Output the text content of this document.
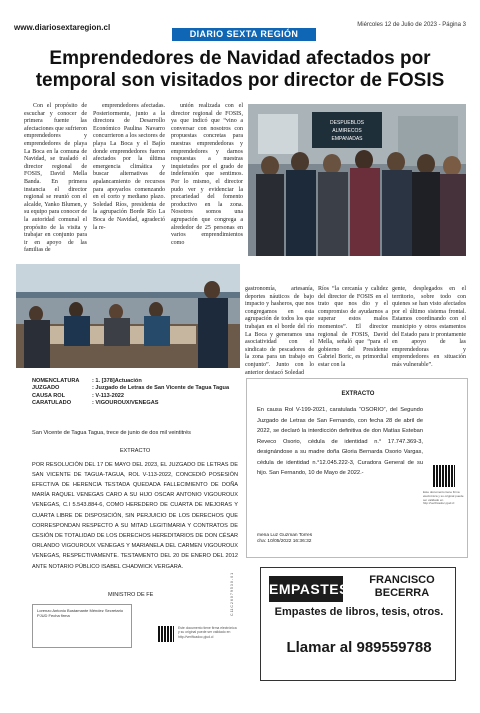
www.diariosextaregion.cl
DIARIO SEXTA REGIÓN
Miércoles 12 de Julio de 2023 - Página 3
Emprendedores de Navidad afectados por temporal son visitados por director de FOSIS

Con el propósito de escuchar y conocer de primera fuente las afectaciones que sufrieron emprendedores y emprendedores de playa La Boca en la comuna de Navidad, se trasladó el director regional de FOSIS, David Mella Banda. En primera instancia el director regional se reunió con el alcalde, Yanko Blumen, y su equipo para conocer de la autoridad comunal el propósito de la visita y trabajar en conjunto para ir en apoyo de las familias de

emprendedores afectadas. Posteriormente, junto a la directora de Desarrollo Económico Paulina Navarro concurrieron a los sectores de playa La Boca y el Bajío donde emprendedores fueron afectados por la última emergencia climática y buscar alternativas de apalancamiento de recursos para apoyarlos comenzando en el corto y mediano plazo. Soledad Ríos, presidenta de la agrupación Borde Río La Boca de Navidad, agradeció la re-

unión realizada con el director regional de FOSIS, ya que indicó que “vino a conversar con nosotros con propuestas concretas para nuestras emprendedoras y emprendedores y darnos respuestas a nuestras inquietudes por el grado de indefensión que sentimos. Por lo mismo, el director pudo ver y evidenciar la precariedad del fomento productivo en la zona. Nosotros somos una agrupación que congrega a alrededor de 25 personas en varios emprendimientos como

DESPUEBLOS
ALMIRECOS
EMPANADAS

gastronomía, artesanía, deportes náuticos de bajo impacto y hasheros, que nos congregamos en esta agrupación de todos los que trabajan en el borde del río La Boca y generamos una asociatividad con el sindicato de pescadores de la zona para un trabajo en conjunto”. Junto con lo anterior destacó Soledad

Ríos “la cercanía y calidez del director de FOSIS en el trato que nos dio y el compromiso de ayudarnos a superar estos malos momentos”. El director regional de FOSIS, David Mella, señaló que “para el gobierno del Presidente Gabriel Boric, es primordial estar con la

gente, desplegados en el territorio, sobre todo con quienes se han visto afectados por el último sistema frontal. Estamos coordinando con el municipio y otros estamentos del Estado para ir prontamente en apoyo de las emprendedoras y emprendedores en situación más vulnerable”.

NOMENCLATURA	: 1. [378]Actuación
JUZGADO	: Juzgado de Letras de San Vicente de Tagua Tagua
CAUSA ROL	: V-113-2022
CARATULADO	: VIGOUROUX/VENEGAS
San Vicente de Tagua Tagua, trece de junio de dos mil veintitrés
EXTRACTO
POR RESOLUCIÓN DEL 17 DE MAYO DEL 2023, EL JUZGADO DE LETRAS DE SAN VICENTE DE TAGUA-TAGUA, ROL V-113-2022, CONCEDIÓ POSESIÓN EFECTIVA DE HERENCIA TESTADA QUEDADA FALLECIMIENTO DE DOÑA MARÍA RAQUEL VENEGAS CARO A SU HIJO OSCAR ANTONIO VIGOUROUX VENEGAS, C.I 5.543.884-6, COMO HEREDERO DE CUARTA DE MEJORAS Y CUARTA LIBRE DE DISPOSICIÓN, SIN PERJUICIO DE LOS DERECHOS QUE CORRESPONDAN RESPECTO A SU MITAD LEGITIMARIA Y CONTRATOS DE CESIÓN DE TOTALIDAD DE LOS DERECHOS HEREDITARIOS DE DON CÉSAR ORLANDO VIGOUROUX VENEGAS Y MARIANELA DEL CARMEN VIGOUROUX VENEGAS, RESPECTIVAMENTE. TESTAMENTO DEL 20 DE ENERO DEL 2012 ANTE NOTARIO PÚBLICO ISABEL CHADWICK VERGARA.
MINISTRO DE FE
Lorenzo Antonio Bustamante Méndez Secretario PJUD Fecha firma
Este documento tiene firma electrónica y su original puede ser validado en http://verificadoc.pjud.cl
C 11 C 2 6 0 7 9 5 3 0 - 0 1
EXTRACTO
En causa Rol V-199-2021, caratulada “OSORIO”, del Segundo Juzgado de Letras de San Fernando, con fecha 28 de abril de 2022, se declaró la interdicción definitiva de don Matías Esteban Reveco Osorio, cédula de identidad n.° 17.747.369-3, designándose a su madre doña Gloria Bernarda Osorio Vargas, cédula de identidad n.°12.045.222-3, Curadora General de su hijo. San Fernando, 10 de Mayo de 2022.-
mena Luz Guzman Torres
cha: 10/05/2022 16:36:32
Este documento tiene firma electrónica y su original puede ser validado en http://verificadoc.pjud.cl
EMPASTES
FRANCISCO BECERRA
Empastes de libros, tesis, otros.
Llamar al 989559788
